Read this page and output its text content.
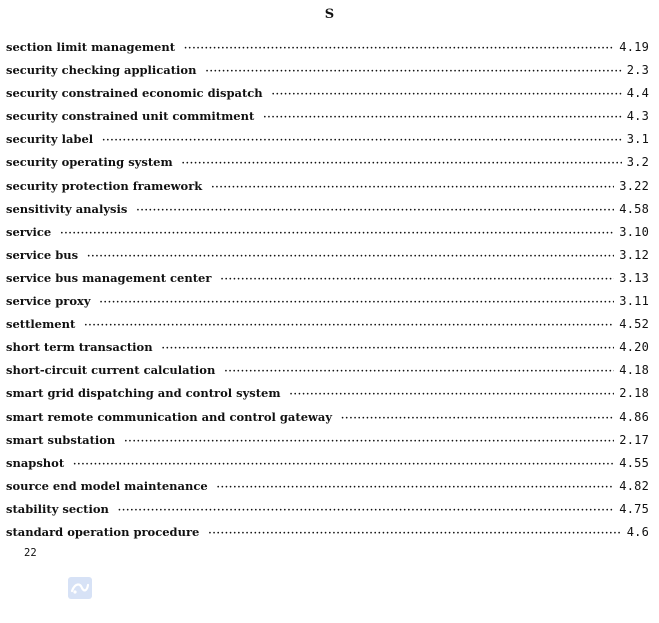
S
section limit management ·····	4.19
security checking application ·····	2.3
security constrained economic dispatch ·····	4.4
security constrained unit commitment ·····	4.3
security label ·····	3.1
security operating system ·····	3.2
security protection framework ·····	3.22
sensitivity analysis ·····	4.58
service ·····	3.10
service bus ·····	3.12
service bus management center ·····	3.13
service proxy ·····	3.11
settlement ·····	4.52
short term transaction ·····	4.20
short-circuit current calculation ·····	4.18
smart grid dispatching and control system ·····	2.18
smart remote communication and control gateway ·····	4.86
smart substation ·····	2.17
snapshot ·····	4.55
source end model maintenance ·····	4.82
stability section ·····	4.75
standard operation procedure ·····	4.6
22
